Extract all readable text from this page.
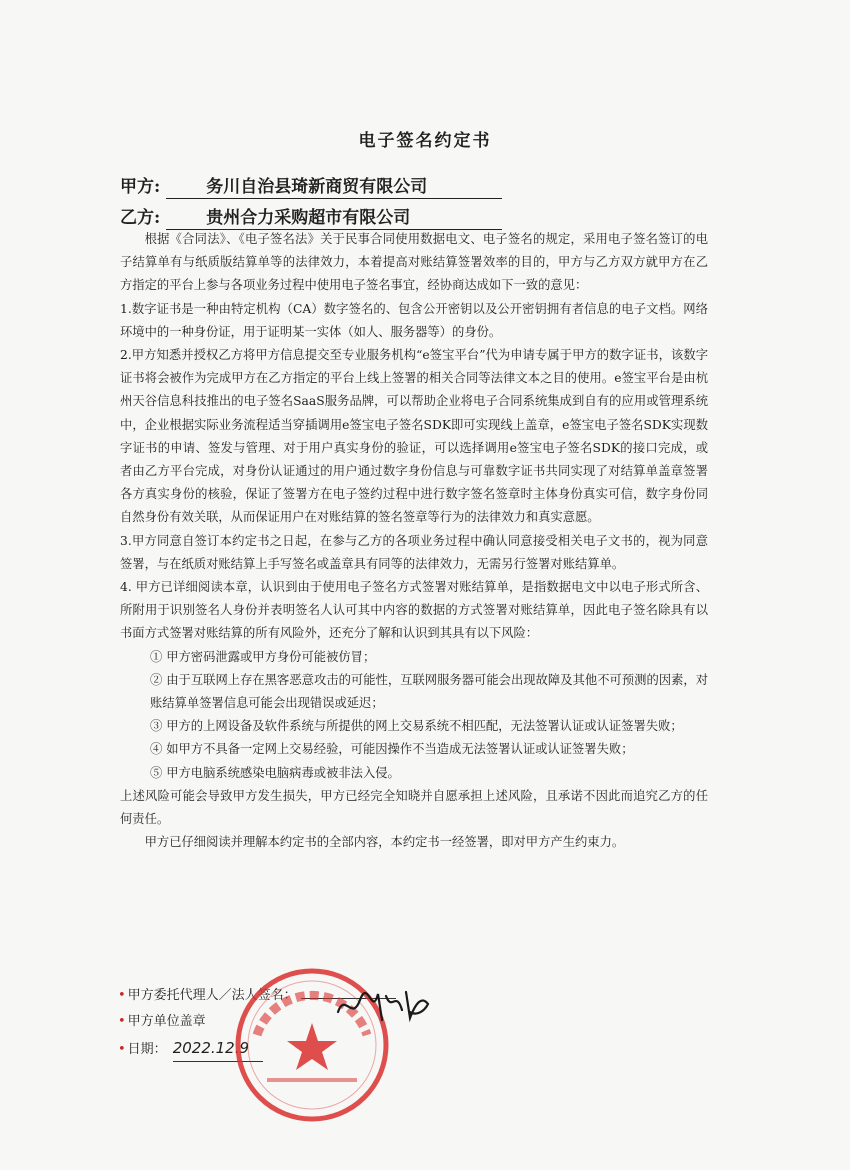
电子签名约定书
甲方:	务川自治县琦新商贸有限公司
乙方:	贵州合力采购超市有限公司

根据《合同法》、《电子签名法》关于民事合同使用数据电文、电子签名的规定，采用电子签名签订的电子结算单有与纸质版结算单等的法律效力，本着提高对账结算签署效率的目的，甲方与乙方双方就甲方在乙方指定的平台上参与各项业务过程中使用电子签名事宜，经协商达成如下一致的意见：

1.数字证书是一种由特定机构（CA）数字签名的、包含公开密钥以及公开密钥拥有者信息的电子文档。网络环境中的一种身份证，用于证明某一实体（如人、服务器等）的身份。

2.甲方知悉并授权乙方将甲方信息提交至专业服务机构“e签宝平台”代为申请专属于甲方的数字证书，该数字证书将会被作为完成甲方在乙方指定的平台上线上签署的相关合同等法律文本之目的使用。e签宝平台是由杭州天谷信息科技推出的电子签名SaaS服务品牌，可以帮助企业将电子合同系统集成到自有的应用或管理系统中，企业根据实际业务流程适当穿插调用e签宝电子签名SDK即可实现线上盖章，e签宝电子签名SDK实现数字证书的申请、签发与管理、对于用户真实身份的验证，可以选择调用e签宝电子签名SDK的接口完成，或者由乙方平台完成，对身份认证通过的用户通过数字身份信息与可靠数字证书共同实现了对结算单盖章签署各方真实身份的核验，保证了签署方在电子签约过程中进行数字签名签章时主体身份真实可信，数字身份同自然身份有效关联，从而保证用户在对账结算的签名签章等行为的法律效力和真实意愿。

3.甲方同意自签订本约定书之日起，在参与乙方的各项业务过程中确认同意接受相关电子文书的，视为同意签署，与在纸质对账结算上手写签名或盖章具有同等的法律效力，无需另行签署对账结算单。

4. 甲方已详细阅读本章，认识到由于使用电子签名方式签署对账结算单，是指数据电文中以电子形式所含、所附用于识别签名人身份并表明签名人认可其中内容的数据的方式签署对账结算单，因此电子签名除具有以书面方式签署对账结算的所有风险外，还充分了解和认识到其具有以下风险：

① 甲方密码泄露或甲方身份可能被仿冒；

② 由于互联网上存在黑客恶意攻击的可能性，互联网服务器可能会出现故障及其他不可预测的因素，对账结算单签署信息可能会出现错误或延迟；

③ 甲方的上网设备及软件系统与所提供的网上交易系统不相匹配，无法签署认证或认证签署失败；

④ 如甲方不具备一定网上交易经验，可能因操作不当造成无法签署认证或认证签署失败；

⑤ 甲方电脑系统感染电脑病毒或被非法入侵。

上述风险可能会导致甲方发生损失，甲方已经完全知晓并自愿承担上述风险，且承诺不因此而追究乙方的任何责任。

甲方已仔细阅读并理解本约定书的全部内容，本约定书一经签署，即对甲方产生约束力。

• 甲方委托代理人／法人签名：
• 甲方单位盖章
• 日期： 2022.12.9
